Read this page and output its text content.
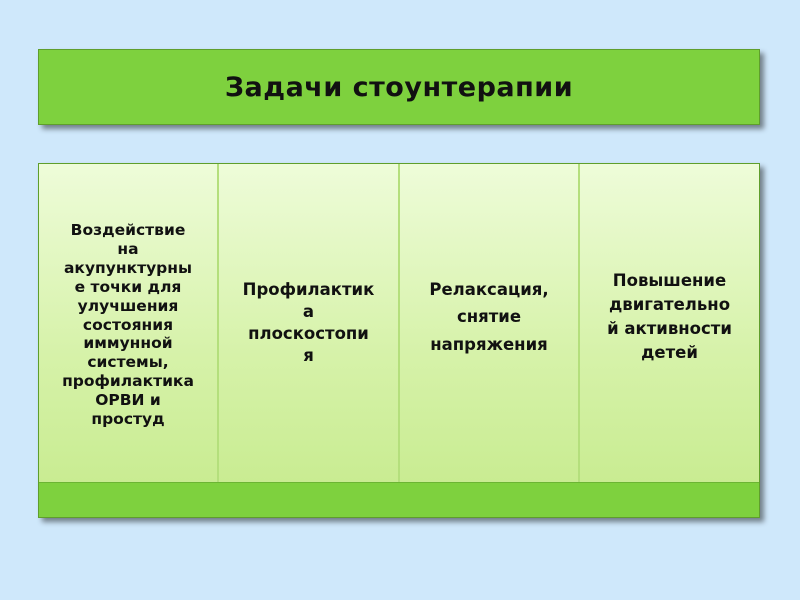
Задачи стоунтерапии
Воздействие
на
акупунктурны
е точки для
улучшения
состояния
иммунной
системы,
профилактика
ОРВИ и
простуд
Профилактик
а
плоскостопи
я
Релаксация,
снятие
напряжения
Повышение
двигательно
й активности
детей
